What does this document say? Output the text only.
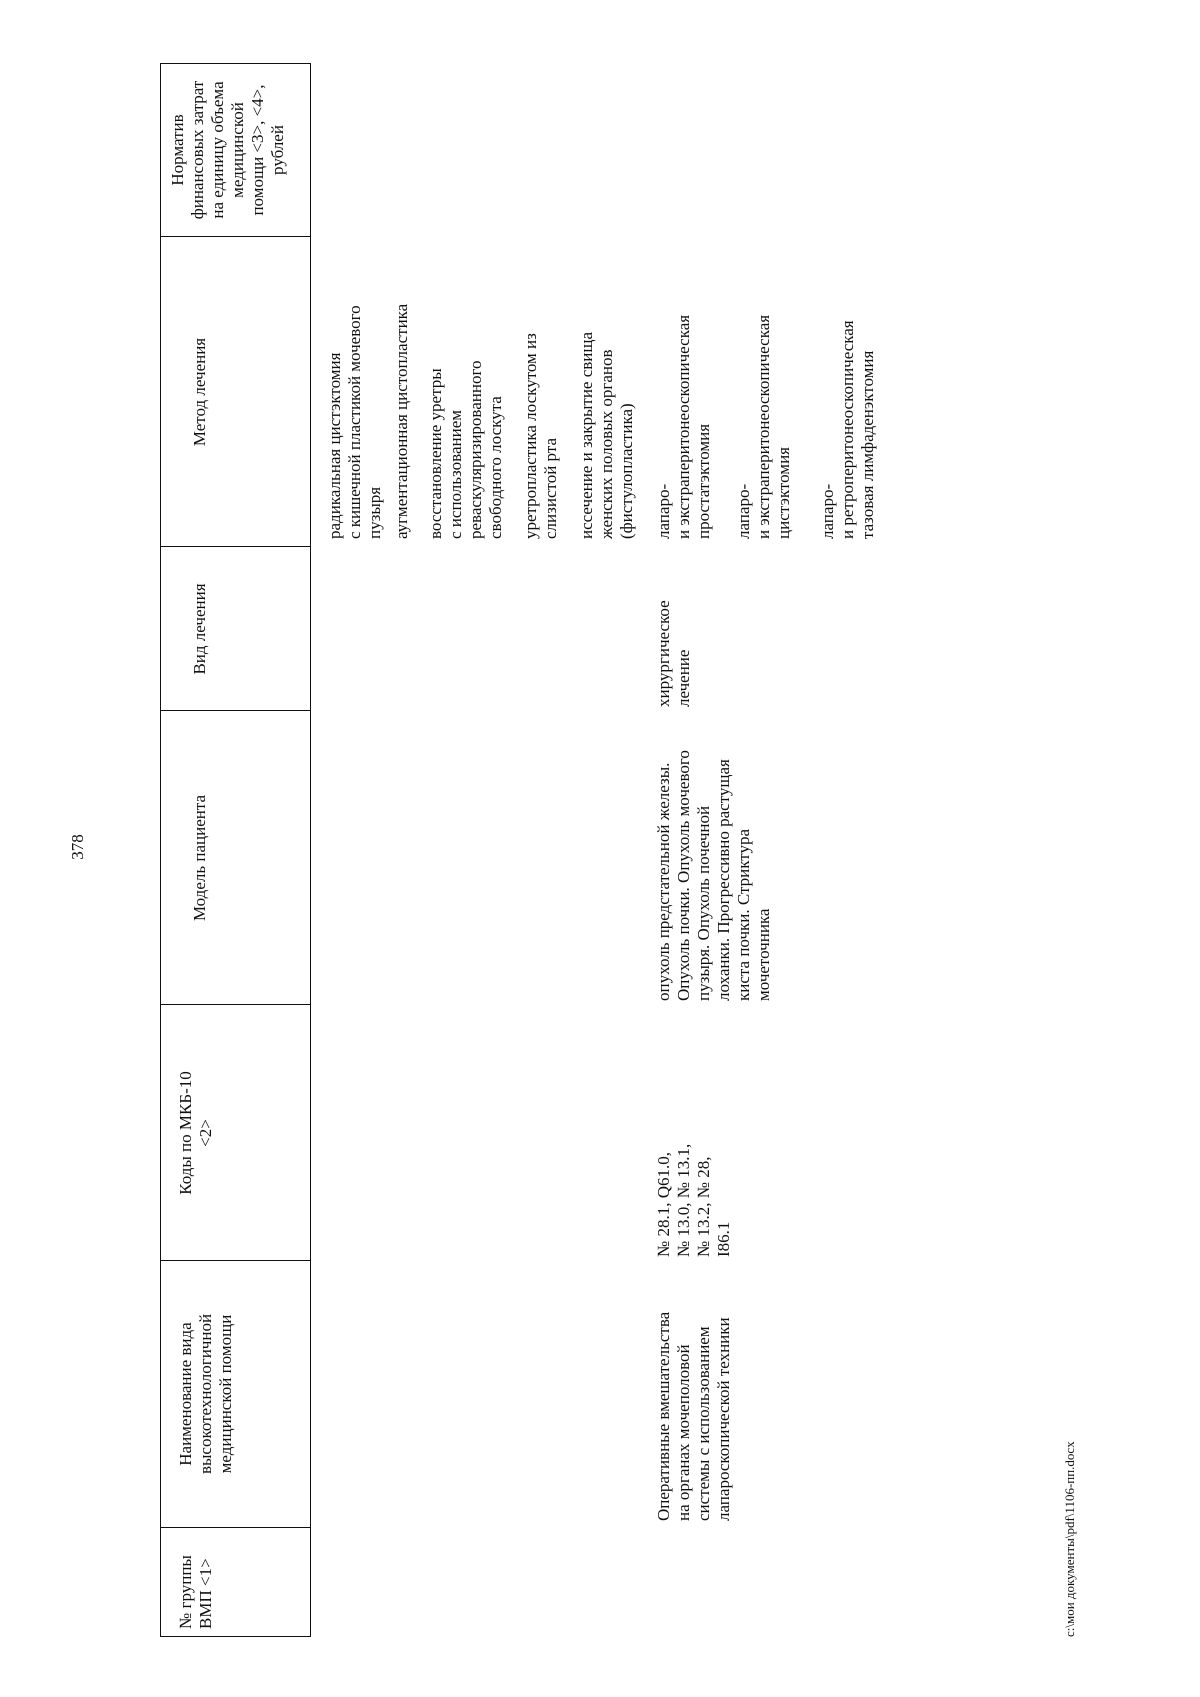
378
№ группы
ВМП <1>
Наименование вида
высокотехнологичной
медицинской помощи
Коды по МКБ-10
<2>
Модель пациента
Вид лечения
Метод лечения
Норматив
финансовых затрат
на единицу объема
медицинской
помощи <3>, <4>,
рублей
радикальная цистэктомия
с кишечной пластикой мочевого
пузыря аугментационная цистопластика восстановление уретры
с использованием
реваскуляризированного
свободного лоскута
уретропластика лоскутом из
слизистой рта
иссечение и закрытие свища
женских половых органов
(фистулопластика)
Оперативные вмешательства
на органах мочеполовой
системы с использованием
лапароскопической техники
№ 28.1, Q61.0,
№ 13.0, № 13.1,
№ 13.2, № 28,
I86.1
опухоль предстательной железы.
Опухоль почки. Опухоль мочевого
пузыря. Опухоль почечной
лоханки. Прогрессивно растущая
киста почки. Стриктура
мочеточника
хирургическое
лечение
лапаро-
и экстраперитонеоскопическая
простатэктомия лапаро-
и экстраперитонеоскопическая
цистэктомия лапаро-
и ретроперитонеоскопическая
тазовая лимфаденэктомия
c:\мои документы\pdf\1106-пп.docx
